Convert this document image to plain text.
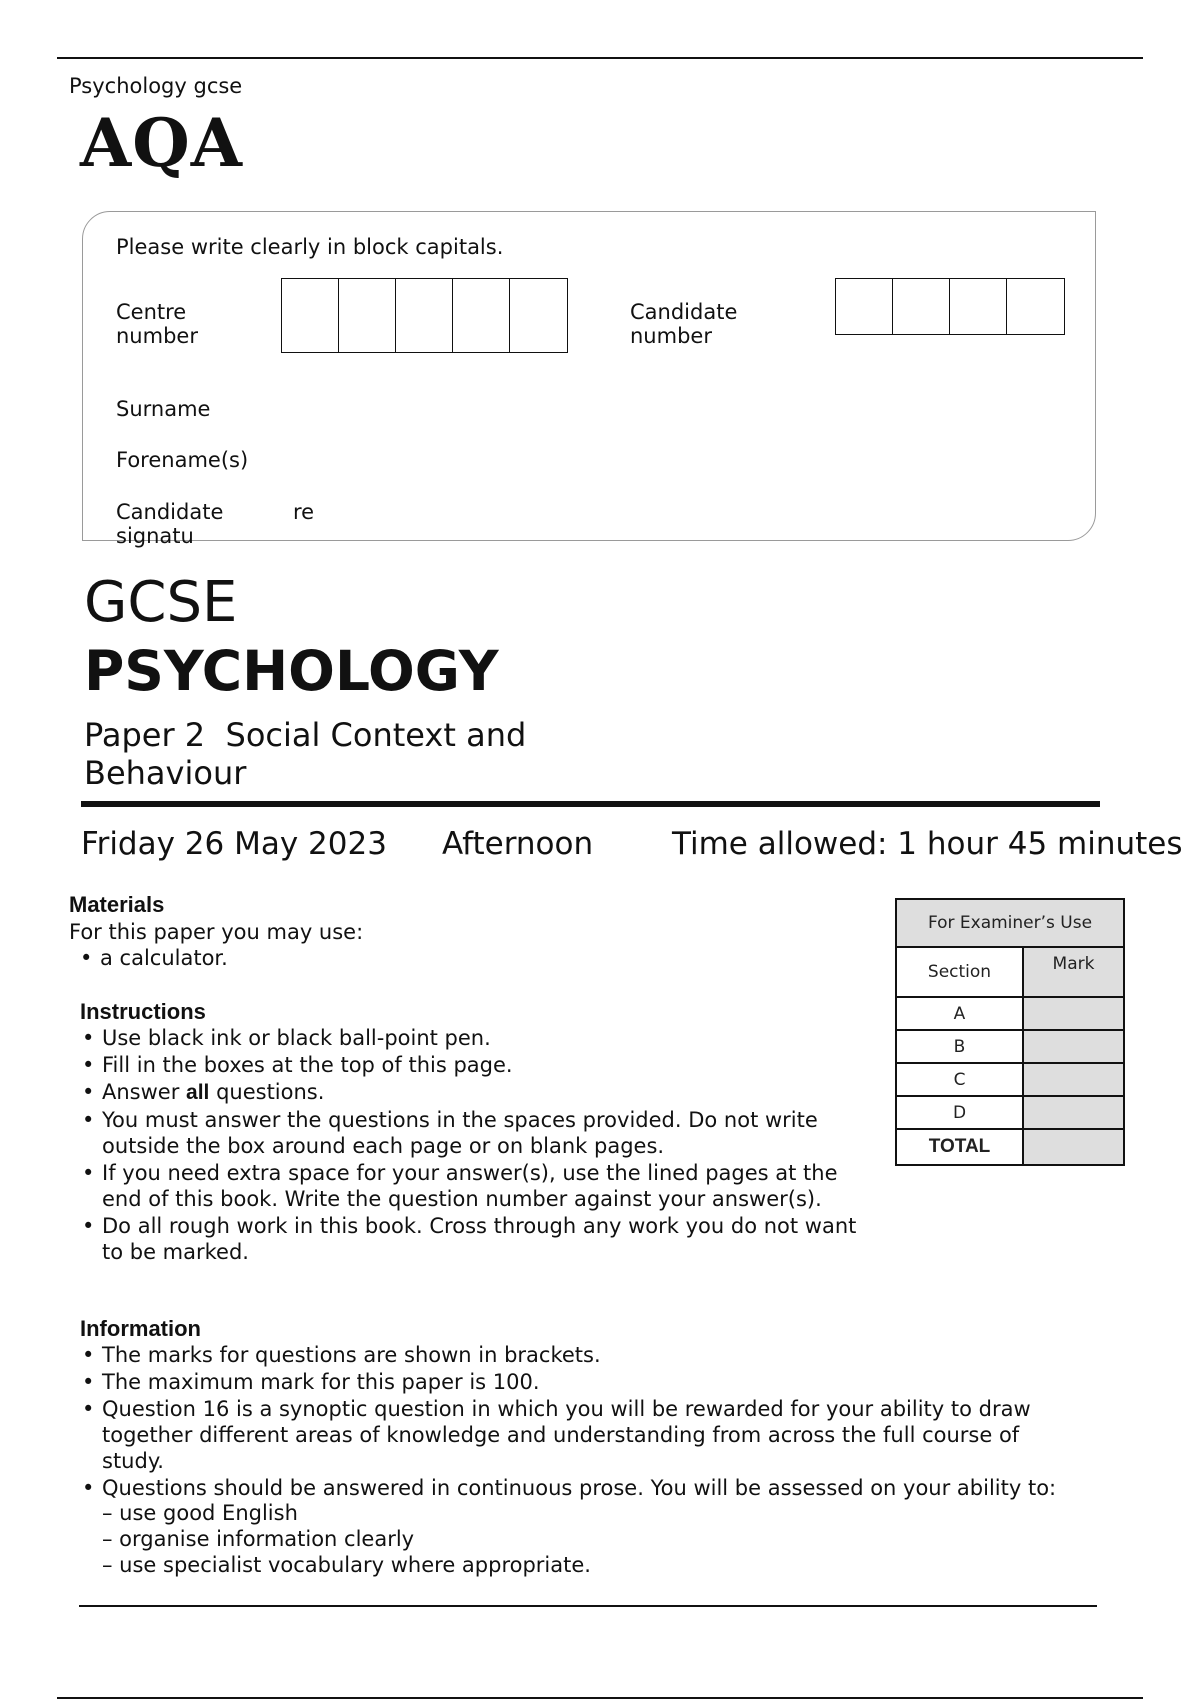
Psychology gcse
AQA
Please write clearly in block capitals.
Centre
number
Candidate
number
Surname
Forename(s)
Candidate
signatu
re
GCSE
PSYCHOLOGY
Paper 2  Social Context and
Behaviour
Friday 26 May 2023 Afternoon	Time allowed: 1 hour 45 minutes
Materials
For this paper you may use:
• a calculator.
Instructions
• Use black ink or black ball-point pen.
• Fill in the boxes at the top of this page.
• Answer all questions.
• You must answer the questions in the spaces provided. Do not write outside the box around each page or on blank pages.
• If you need extra space for your answer(s), use the lined pages at the end of this book. Write the question number against your answer(s).
• Do all rough work in this book. Cross through any work you do not want to be marked.
Information
• The marks for questions are shown in brackets.
• The maximum mark for this paper is 100.
• Question 16 is a synoptic question in which you will be rewarded for your ability to draw together different areas of knowledge and understanding from across the full course of study.
• Questions should be answered in continuous prose. You will be assessed on your ability to:
– use good English
– organise information clearly
– use specialist vocabulary where appropriate.
For Examiner’s Use	
Section	Mark
A	
B	
C	
D	
TOTAL	
